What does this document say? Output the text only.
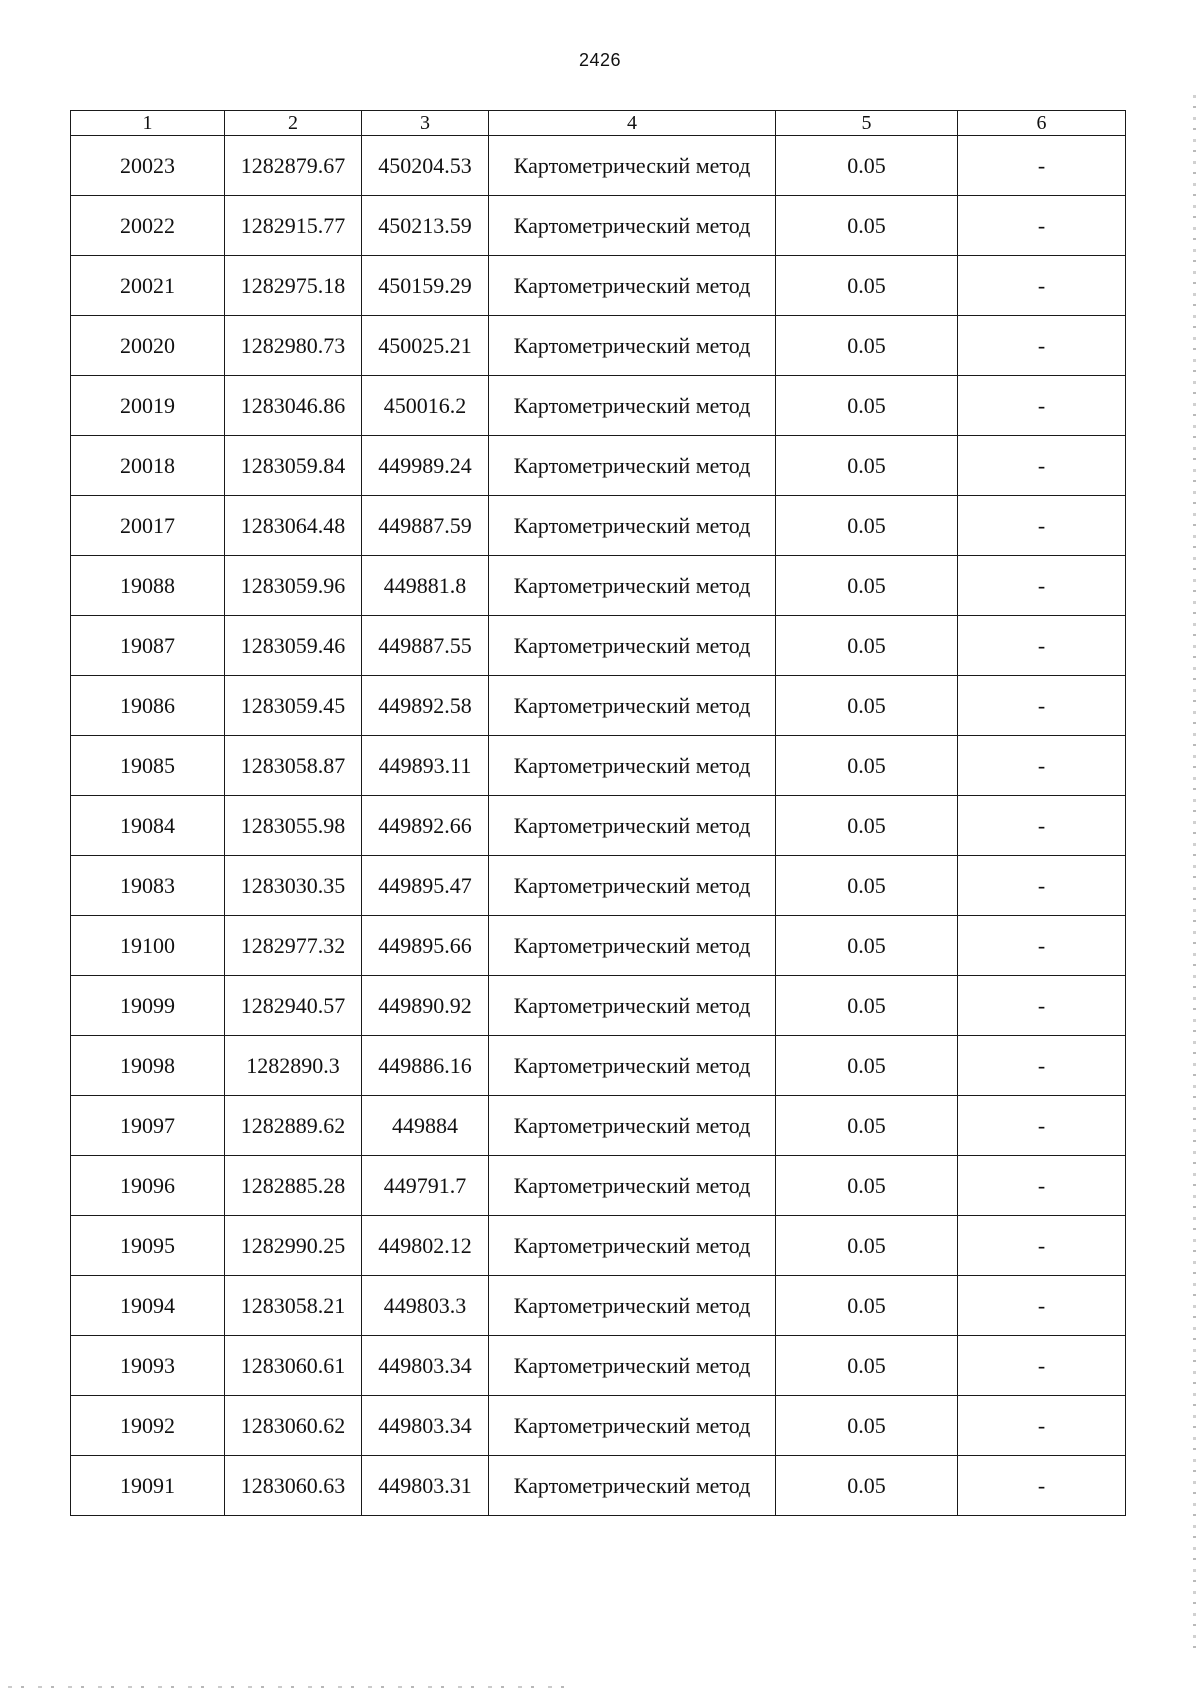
2426
1	2	3	4	5	6
20023	1282879.67	450204.53	Картометрический метод	0.05	-
20022	1282915.77	450213.59	Картометрический метод	0.05	-
20021	1282975.18	450159.29	Картометрический метод	0.05	-
20020	1282980.73	450025.21	Картометрический метод	0.05	-
20019	1283046.86	450016.2	Картометрический метод	0.05	-
20018	1283059.84	449989.24	Картометрический метод	0.05	-
20017	1283064.48	449887.59	Картометрический метод	0.05	-
19088	1283059.96	449881.8	Картометрический метод	0.05	-
19087	1283059.46	449887.55	Картометрический метод	0.05	-
19086	1283059.45	449892.58	Картометрический метод	0.05	-
19085	1283058.87	449893.11	Картометрический метод	0.05	-
19084	1283055.98	449892.66	Картометрический метод	0.05	-
19083	1283030.35	449895.47	Картометрический метод	0.05	-
19100	1282977.32	449895.66	Картометрический метод	0.05	-
19099	1282940.57	449890.92	Картометрический метод	0.05	-
19098	1282890.3	449886.16	Картометрический метод	0.05	-
19097	1282889.62	449884	Картометрический метод	0.05	-
19096	1282885.28	449791.7	Картометрический метод	0.05	-
19095	1282990.25	449802.12	Картометрический метод	0.05	-
19094	1283058.21	449803.3	Картометрический метод	0.05	-
19093	1283060.61	449803.34	Картометрический метод	0.05	-
19092	1283060.62	449803.34	Картометрический метод	0.05	-
19091	1283060.63	449803.31	Картометрический метод	0.05	-
